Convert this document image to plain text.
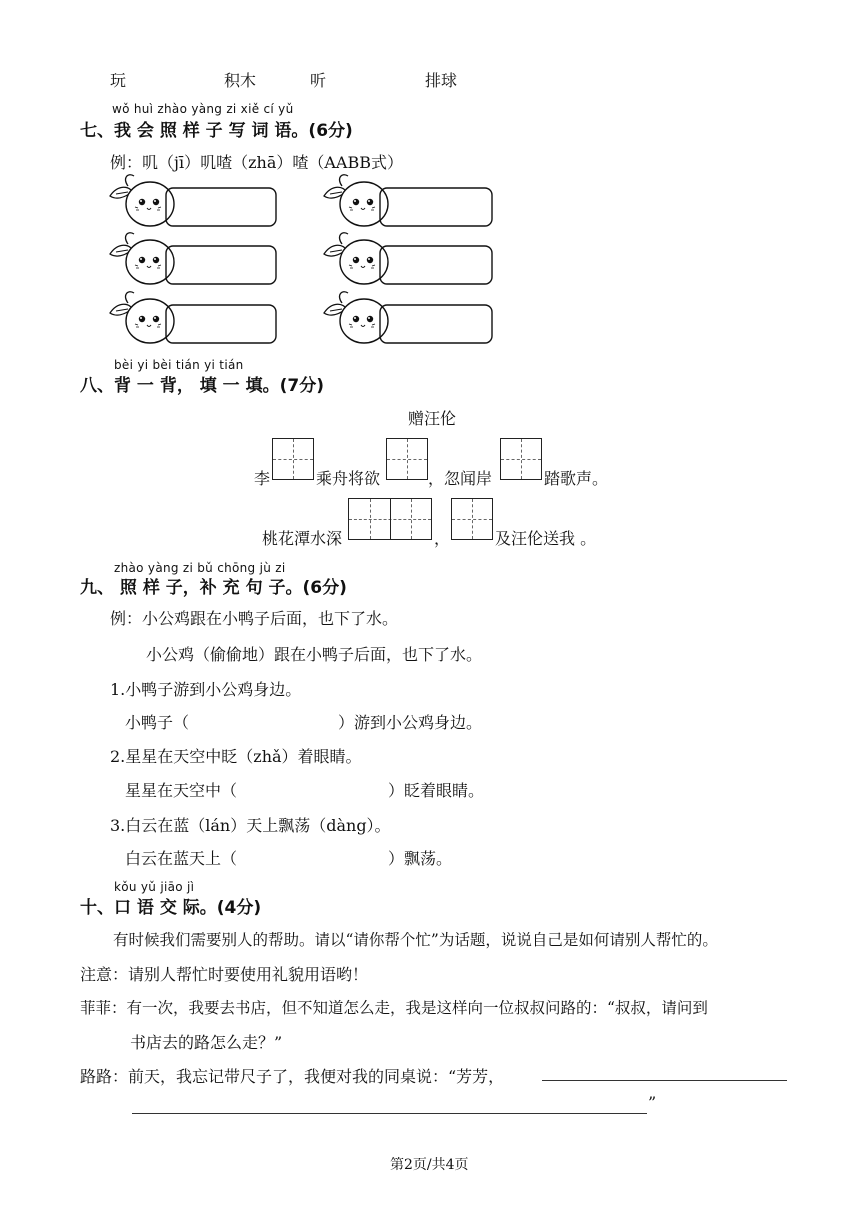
玩	积木	听	排球
wǒ huì zhào yàng zi xiě cí yǔ
七、我 会 照 样 子 写 词 语。(6分)
例：叽（jī）叽喳（zhā）喳（AABB式）
bèi yi bèi tián yi tián
八、背 一 背， 填 一 填。(7分)
赠汪伦
李	乘舟将欲	，忽闻岸	踏歌声。
桃花潭水深	，	及汪伦送我 。
zhào yàng zi bǔ chōng jù zi
九、 照 样 子，补 充 句 子。(6分)
例：小公鸡跟在小鸭子后面，也下了水。
小公鸡（偷偷地）跟在小鸭子后面，也下了水。
1.小鸭子游到小公鸡身边。
小鸭子（	）游到小公鸡身边。
2.星星在天空中眨（zhǎ）着眼睛。
星星在天空中（	）眨着眼睛。
3.白云在蓝（lán）天上飘荡（dàng）。
白云在蓝天上（	）飘荡。
kǒu yǔ jiāo jì
十、口 语 交 际。(4分)
有时候我们需要别人的帮助。请以“请你帮个忙”为话题，说说自己是如何请别人帮忙的。
注意：请别人帮忙时要使用礼貌用语哟！
菲菲：有一次，我要去书店，但不知道怎么走，我是这样向一位叔叔问路的：“叔叔，请问到
书店去的路怎么走？”
路路：前天，我忘记带尺子了，我便对我的同桌说：“芳芳，
”
第2页/共4页
